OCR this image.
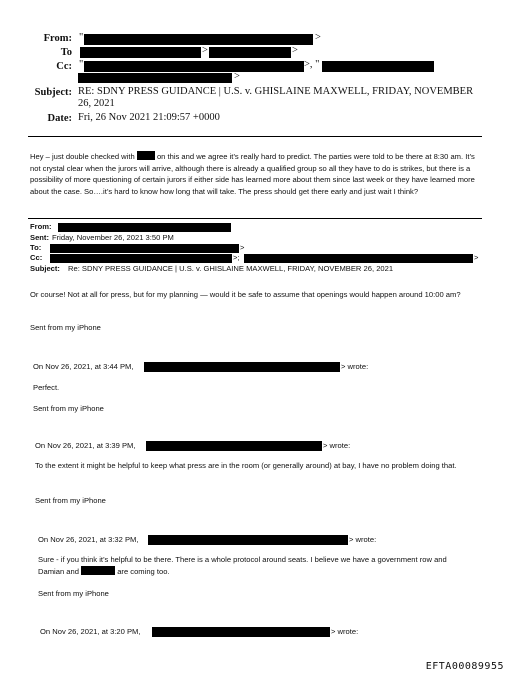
From: "	>
To	>	>
Cc: "	>, "
>
Subject: RE: SDNY PRESS GUIDANCE | U.S. v. GHISLAINE MAXWELL, FRIDAY, NOVEMBER 26, 2021
Date: Fri, 26 Nov 2021 21:09:57 +0000
Hey – just double checked with	on this and we agree it’s really hard to predict. The parties were told to be there at 8:30 am. It’s not crystal clear when the jurors will arrive, although there is already a qualified group so all they have to do is strikes, but there is a possibility of more questioning of certain jurors if either side has learned more about them since last week or they have learned more about the case. So….it’s hard to know how long that will take. The press should get there early and just wait I think?
From:
Sent: Friday, November 26, 2021 3:50 PM
To:	>
Cc:	>;	>
Subject: Re: SDNY PRESS GUIDANCE | U.S. v. GHISLAINE MAXWELL, FRIDAY, NOVEMBER 26, 2021
Or course! Not at all for press, but for my planning — would it be safe to assume that openings would happen around 10:00 am?
Sent from my iPhone
On Nov 26, 2021, at 3:44 PM,	> wrote:
Perfect.
Sent from my iPhone
On Nov 26, 2021, at 3:39 PM,	> wrote:
To the extent it might be helpful to keep what press are in the room (or generally around) at bay, I have no problem doing that.
Sent from my iPhone
On Nov 26, 2021, at 3:32 PM,	> wrote:
Sure - if you think it’s helpful to be there. There is a whole protocol around seats. I believe we have a government row and Damian and	are coming too.
Sent from my iPhone
On Nov 26, 2021, at 3:20 PM,	> wrote:
EFTA00089955
